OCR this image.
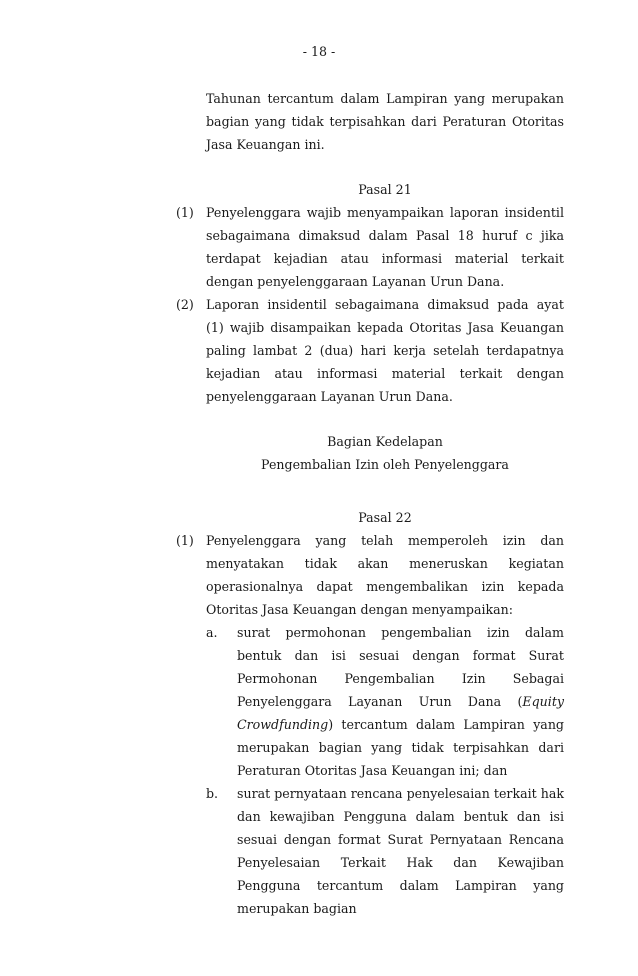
- 18 -

Tahunan tercantum dalam Lampiran yang merupakan bagian yang tidak terpisahkan dari Peraturan Otoritas Jasa Keuangan ini.

Pasal 21

(1) Penyelenggara wajib menyampaikan laporan insidentil sebagaimana dimaksud dalam Pasal 18 huruf c jika terdapat kejadian atau informasi material terkait dengan penyelenggaraan Layanan Urun Dana.
(2) Laporan insidentil sebagaimana dimaksud pada ayat (1) wajib disampaikan kepada Otoritas Jasa Keuangan paling lambat 2 (dua) hari kerja setelah terdapatnya kejadian atau informasi material terkait dengan penyelenggaraan Layanan Urun Dana.

Bagian Kedelapan

Pengembalian Izin oleh Penyelenggara

Pasal 22

(1) Penyelenggara yang telah memperoleh izin dan menyatakan tidak akan meneruskan kegiatan operasionalnya dapat mengembalikan izin kepada Otoritas Jasa Keuangan dengan menyampaikan:
a. surat permohonan pengembalian izin dalam bentuk dan isi sesuai dengan format Surat Permohonan Pengembalian Izin Sebagai Penyelenggara Layanan Urun Dana (Equity Crowdfunding) tercantum dalam Lampiran yang merupakan bagian yang tidak terpisahkan dari Peraturan Otoritas Jasa Keuangan ini; dan
b. surat pernyataan rencana penyelesaian terkait hak dan kewajiban Pengguna dalam bentuk dan isi sesuai dengan format Surat Pernyataan Rencana Penyelesaian Terkait Hak dan Kewajiban Pengguna tercantum dalam Lampiran yang merupakan bagian
